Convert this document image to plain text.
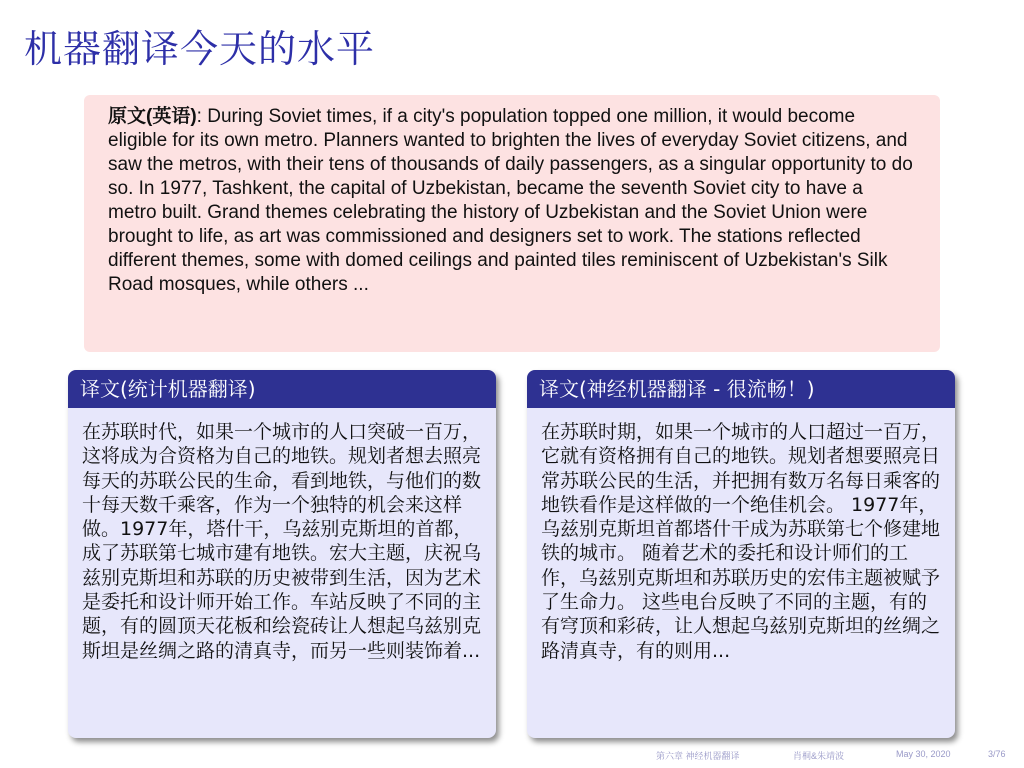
机器翻译今天的水平
原文(英语): During Soviet times, if a city's population topped one million, it would become eligible for its own metro. Planners wanted to brighten the lives of everyday Soviet citizens, and saw the metros, with their tens of thousands of daily passengers, as a singular opportunity to do so. In 1977, Tashkent, the capital of Uzbekistan, became the seventh Soviet city to have a metro built. Grand themes celebrating the history of Uzbekistan and the Soviet Union were brought to life, as art was commissioned and designers set to work. The stations reflected different themes, some with domed ceilings and painted tiles reminiscent of Uzbekistan's Silk Road mosques, while others ...
译文(统计机器翻译)
在苏联时代，如果一个城市的人口突破一百万，这将成为合资格为自己的地铁。规划者想去照亮每天的苏联公民的生命，看到地铁，与他们的数十每天数千乘客，作为一个独特的机会来这样做。1977年，塔什干，乌兹别克斯坦的首都，成了苏联第七城市建有地铁。宏大主题，庆祝乌兹别克斯坦和苏联的历史被带到生活，因为艺术是委托和设计师开始工作。车站反映了不同的主题，有的圆顶天花板和绘瓷砖让人想起乌兹别克斯坦是丝绸之路的清真寺，而另一些则装饰着...
译文(神经机器翻译 - 很流畅！)
在苏联时期，如果一个城市的人口超过一百万，它就有资格拥有自己的地铁。规划者想要照亮日常苏联公民的生活，并把拥有数万名每日乘客的地铁看作是这样做的一个绝佳机会。 1977年，乌兹别克斯坦首都塔什干成为苏联第七个修建地铁的城市。 随着艺术的委托和设计师们的工作，乌兹别克斯坦和苏联历史的宏伟主题被赋予了生命力。 这些电台反映了不同的主题，有的有穹顶和彩砖，让人想起乌兹别克斯坦的丝绸之路清真寺，有的则用...
第六章 神经机器翻译	肖桐&朱靖波	May 30, 2020	3/76
